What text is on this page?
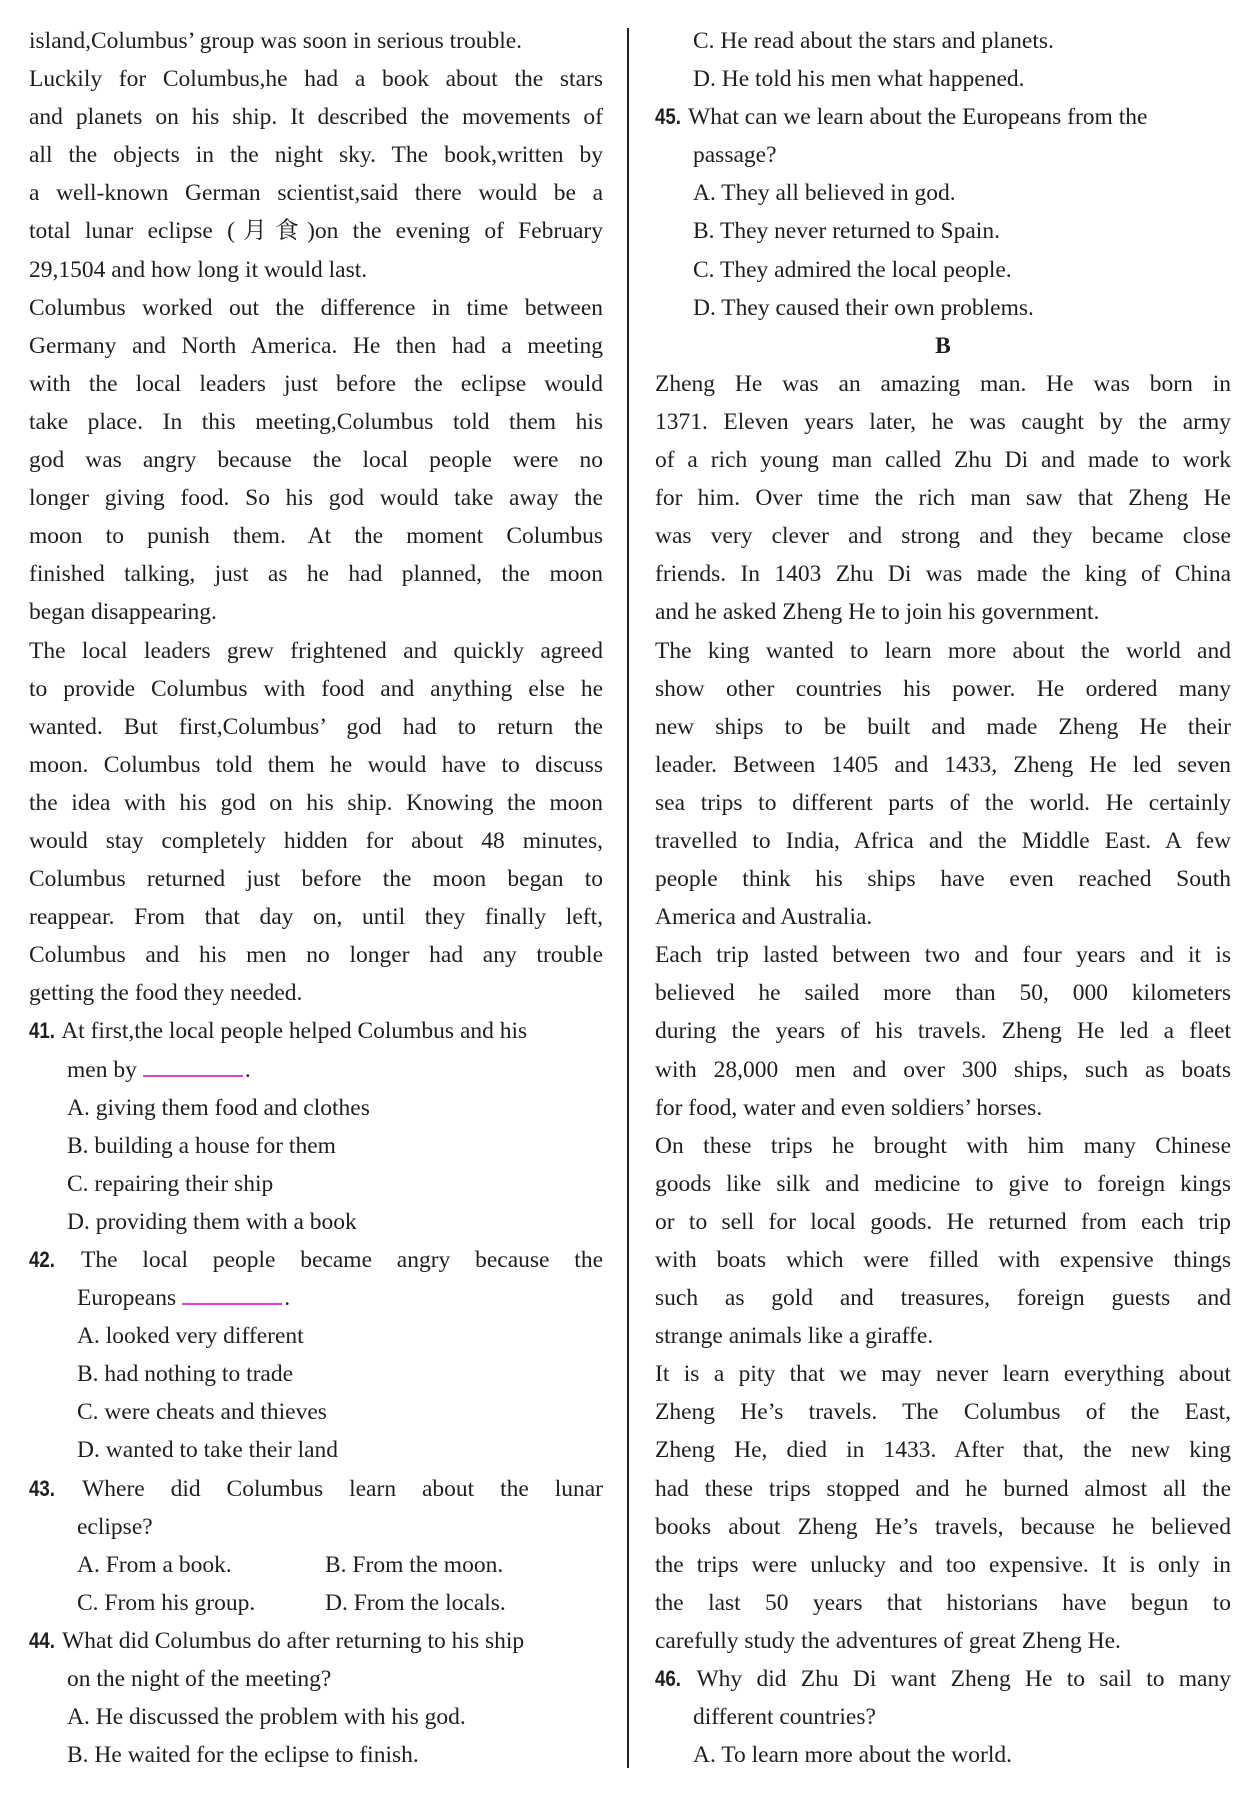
island,Columbus’ group was soon in serious trouble.
Luckily for Columbus,he had a book about the stars
and planets on his ship. It described the movements of
all the objects in the night sky. The book,written by
a well-known German scientist,said there would be a
total lunar eclipse (月食)on the evening of February
29,1504 and how long it would last.
Columbus worked out the difference in time between
Germany and North America. He then had a meeting
with the local leaders just before the eclipse would
take place. In this meeting,Columbus told them his
god was angry because the local people were no
longer giving food. So his god would take away the
moon to punish them. At the moment Columbus
finished talking, just as he had planned, the moon
began disappearing.
The local leaders grew frightened and quickly agreed
to provide Columbus with food and anything else he
wanted. But first,Columbus’ god had to return the
moon. Columbus told them he would have to discuss
the idea with his god on his ship. Knowing the moon
would stay completely hidden for about 48 minutes,
Columbus returned just before the moon began to
reappear. From that day on, until they finally left,
Columbus and his men no longer had any trouble
getting the food they needed.
41. At first,the local people helped Columbus and his
men by	.
A. giving them food and clothes
B. building a house for them
C. repairing their ship
D. providing them with a book
42. The local people became angry because the
Europeans	.
A. looked very different
B. had nothing to trade
C. were cheats and thieves
D. wanted to take their land
43. Where did Columbus learn about the lunar
eclipse?
A. From a book.	B. From the moon.
C. From his group.	D. From the locals.
44. What did Columbus do after returning to his ship
on the night of the meeting?
A. He discussed the problem with his god.
B. He waited for the eclipse to finish.
C. He read about the stars and planets.
D. He told his men what happened.
45. What can we learn about the Europeans from the
passage?
A. They all believed in god.
B. They never returned to Spain.
C. They admired the local people.
D. They caused their own problems.
B
Zheng He was an amazing man. He was born in
1371. Eleven years later, he was caught by the army
of a rich young man called Zhu Di and made to work
for him. Over time the rich man saw that Zheng He
was very clever and strong and they became close
friends. In 1403 Zhu Di was made the king of China
and he asked Zheng He to join his government.
The king wanted to learn more about the world and
show other countries his power. He ordered many
new ships to be built and made Zheng He their
leader. Between 1405 and 1433, Zheng He led seven
sea trips to different parts of the world. He certainly
travelled to India, Africa and the Middle East. A few
people think his ships have even reached South
America and Australia.
Each trip lasted between two and four years and it is
believed he sailed more than 50, 000 kilometers
during the years of his travels. Zheng He led a fleet
with 28,000 men and over 300 ships, such as boats
for food, water and even soldiers’ horses.
On these trips he brought with him many Chinese
goods like silk and medicine to give to foreign kings
or to sell for local goods. He returned from each trip
with boats which were filled with expensive things
such as gold and treasures, foreign guests and
strange animals like a giraffe.
It is a pity that we may never learn everything about
Zheng He’s travels. The Columbus of the East,
Zheng He, died in 1433. After that, the new king
had these trips stopped and he burned almost all the
books about Zheng He’s travels, because he believed
the trips were unlucky and too expensive. It is only in
the last 50 years that historians have begun to
carefully study the adventures of great Zheng He.
46. Why did Zhu Di want Zheng He to sail to many
different countries?
A. To learn more about the world.
